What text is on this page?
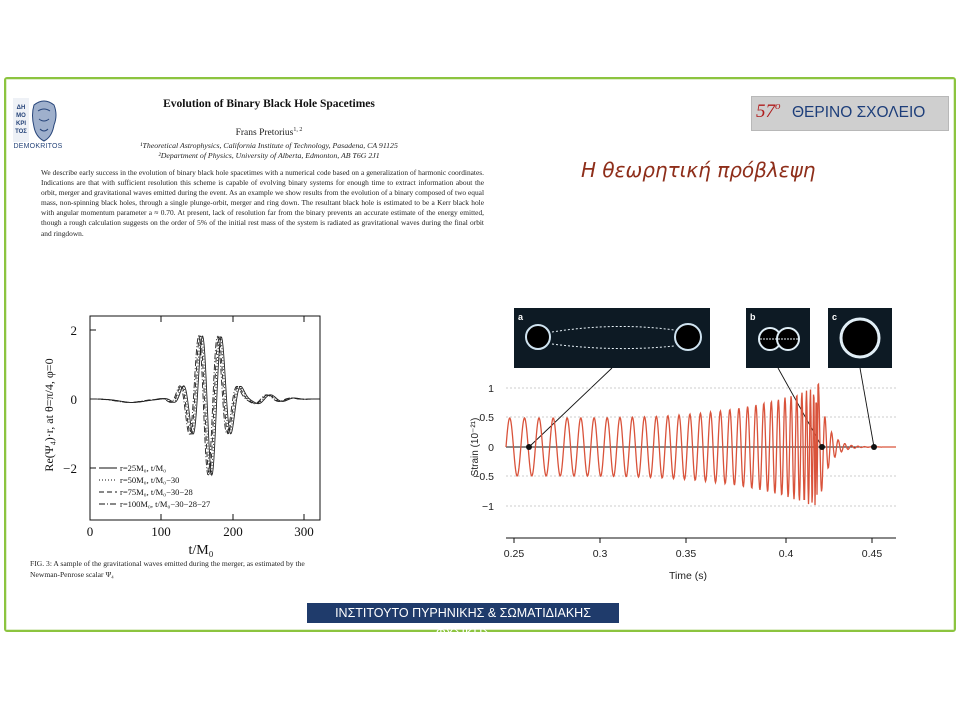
ΔΗ
ΜΟ
ΚΡΙ
ΤΟΣ
DEMOKRITOS
Evolution of Binary Black Hole Spacetimes
Frans Pretorius$^{1, 2}$
¹Theoretical Astrophysics, California Institute of Technology, Pasadena, CA 91125
²Department of Physics, University of Alberta, Edmonton, AB T6G 2J1
We describe early success in the evolution of binary black hole spacetimes with a numerical code based on a generalization of harmonic coordinates. Indications are that with sufficient resolution this scheme is capable of evolving binary systems for enough time to extract information about the orbit, merger and gravitational waves emitted during the event. As an example we show results from the evolution of a binary composed of two equal mass, non-spinning black holes, through a single plunge-orbit, merger and ring down. The resultant black hole is estimated to be a Kerr black hole with angular momentum parameter a ≈ 0.70. At present, lack of resolution far from the binary prevents an accurate estimate of the energy emitted, though a rough calculation suggests on the order of 5% of the initial rest mass of the system is radiated as gravitational waves during the final orbit and ringdown.
57$^o$ ΘΕΡΙΝΟ ΣΧΟΛΕΙΟ
Η θεωρητική πρόβλεψη
2
0
−2
0	100	200	300
t/M₀
Re(Ψ₄)·r, at θ=π/4, φ=0	r=25M₀, t/M₀
r=50M₀, t/M₀−30
r=75M₀, t/M₀−30−28
r=100M₀, t/M₀−30−28−27
FIG. 3: A sample of the gravitational waves emitted during the merger, as estimated by the Newman-Penrose scalar Ψ₄
a	b	c
1
0.5
0
−0.5
−1
0.25	0.3	0.35	0.4	0.45
Time (s)
Strain (10⁻²¹)
ΙΝΣΤΙΤΟΥΤΟ ΠΥΡΗΝΙΚΗΣ & ΣΩΜΑΤΙΔΙΑΚΗΣ ΦΥΣΙΚΗΣ
